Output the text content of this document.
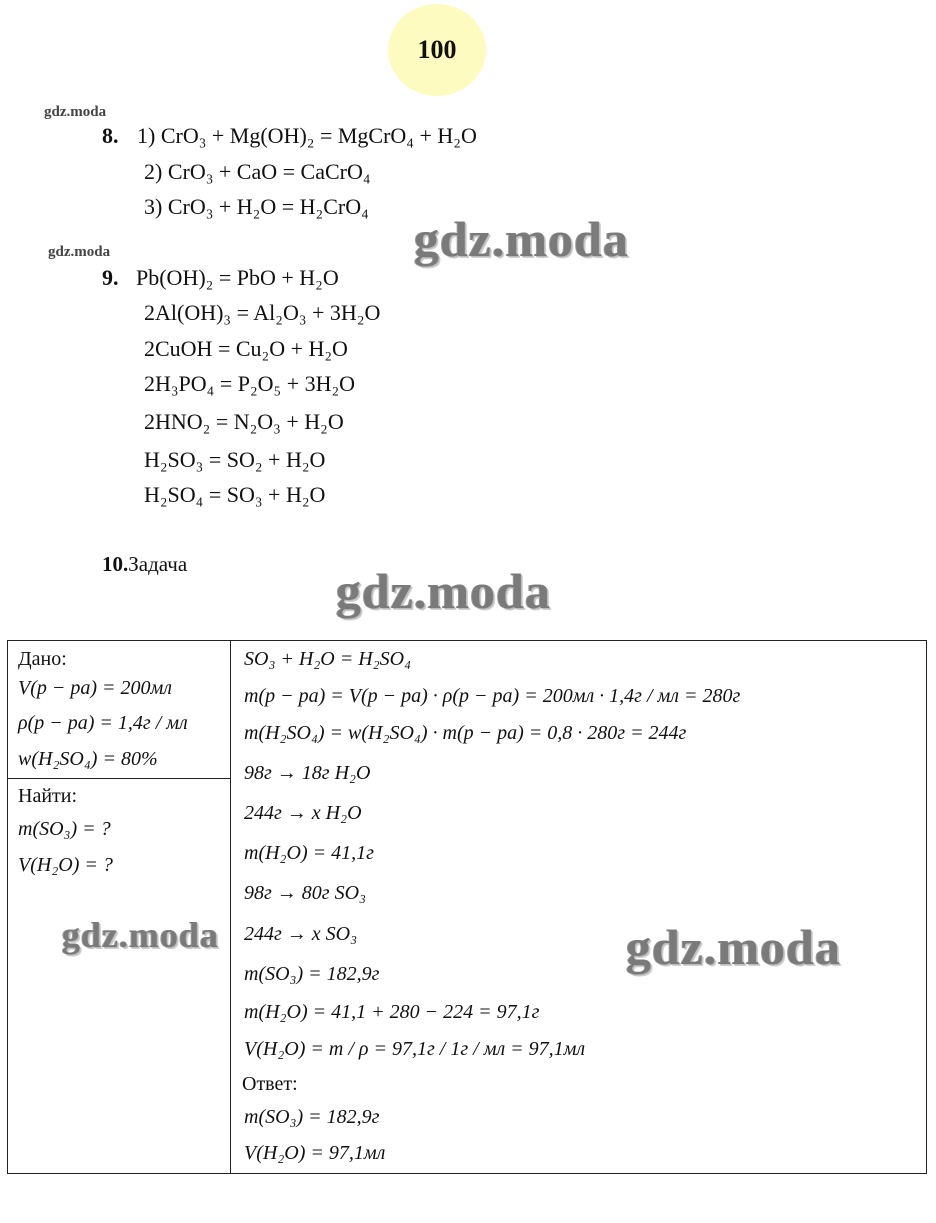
100
gdz.moda
gdz.moda	gdz.moda
gdz.moda
gdz.moda	gdz.moda
8. 1) CrO₃ + Mg(OH)₂ = MgCrO₄ + H₂O
2) CrO₃ + CaO = CaCrO₄
3) CrO₃ + H₂O = H₂CrO₄
9. Pb(OH)₂ = PbO + H₂O
2Al(OH)₃ = Al₂O₃ + 3H₂O
2CuOH = Cu₂O + H₂O
2H₃PO₄ = P₂O₅ + 3H₂O
2HNO₂ = N₂O₃ + H₂O
H₂SO₃ = SO₂ + H₂O
H₂SO₄ = SO₃ + H₂O
10.Задача
Дано:
V(p − pa) = 200мл
ρ(p − pa) = 1,4г / мл
w(H₂SO₄) = 80%
Найти:
m(SO₃) = ?
V(H₂O) = ?
SO₃ + H₂O = H₂SO₄
m(p − pa) = V(p − pa) · ρ(p − pa) = 200мл · 1,4г / мл = 280г
m(H₂SO₄) = w(H₂SO₄) · m(p − pa) = 0,8 · 280г = 244г
98г → 18г H₂O
244г → x H₂O
m(H₂O) = 41,1г
98г → 80г SO₃
244г → x SO₃
m(SO₃) = 182,9г
m(H₂O) = 41,1 + 280 − 224 = 97,1г
V(H₂O) = m / ρ = 97,1г / 1г / мл = 97,1мл
Ответ:
m(SO₃) = 182,9г
V(H₂O) = 97,1мл
